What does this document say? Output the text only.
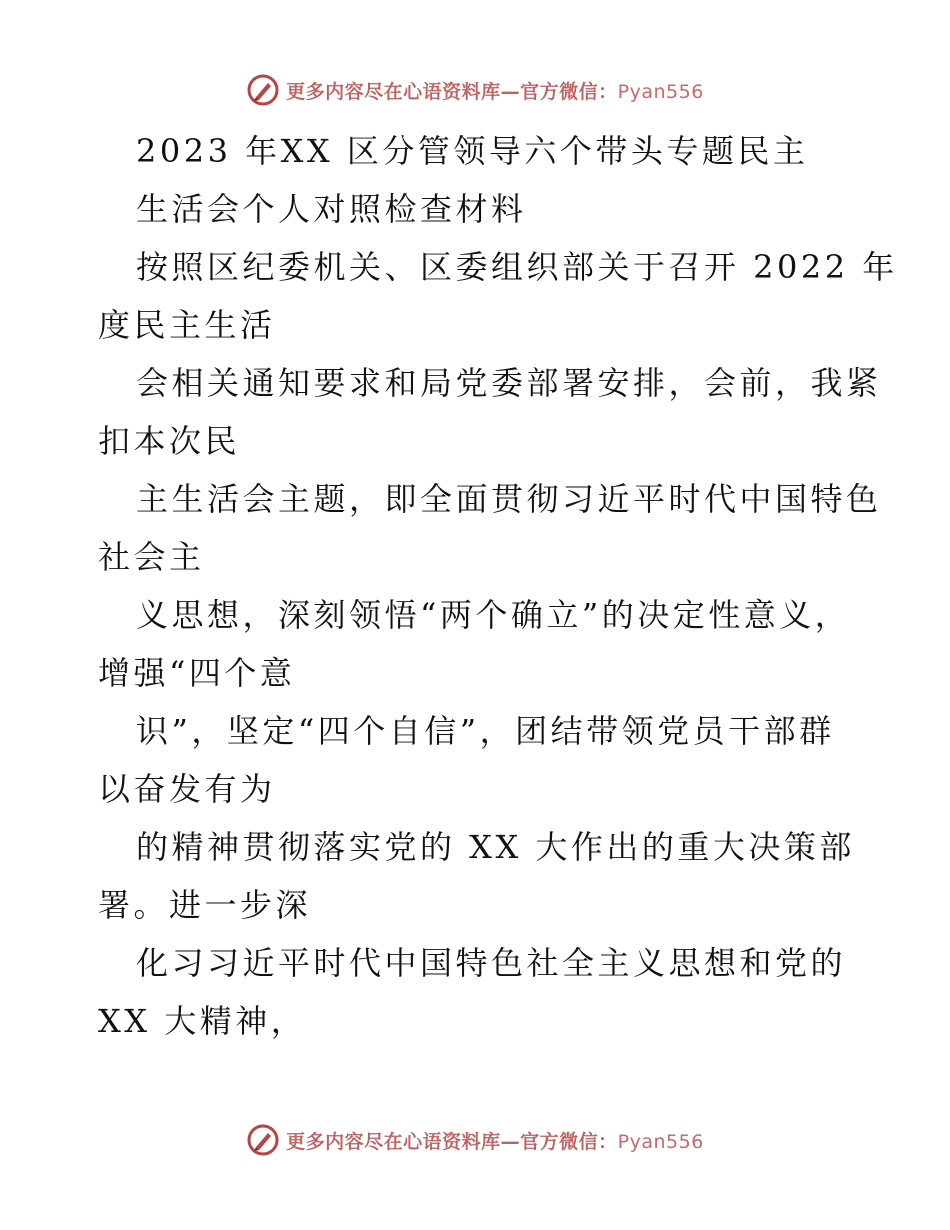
更多内容尽在心语资料库—官方微信：Pyan556
2023 年XX 区分管领导六个带头专题民主
生活会个人对照检查材料
按照区纪委机关、区委组织部关于召开 2022 年
度民主生活
会相关通知要求和局党委部署安排，会前，我紧
扣本次民
主生活会主题，即全面贯彻习近平时代中国特色
社会主
义思想，深刻领悟“两个确立”的决定性意义，
增强“四个意
识”，坚定“四个自信”，团结带领党员干部群
以奋发有为
的精神贯彻落实党的 XX 大作出的重大决策部
署。进一步深
化习习近平时代中国特色社全主义思想和党的
XX 大精神，
更多内容尽在心语资料库—官方微信：Pyan556
